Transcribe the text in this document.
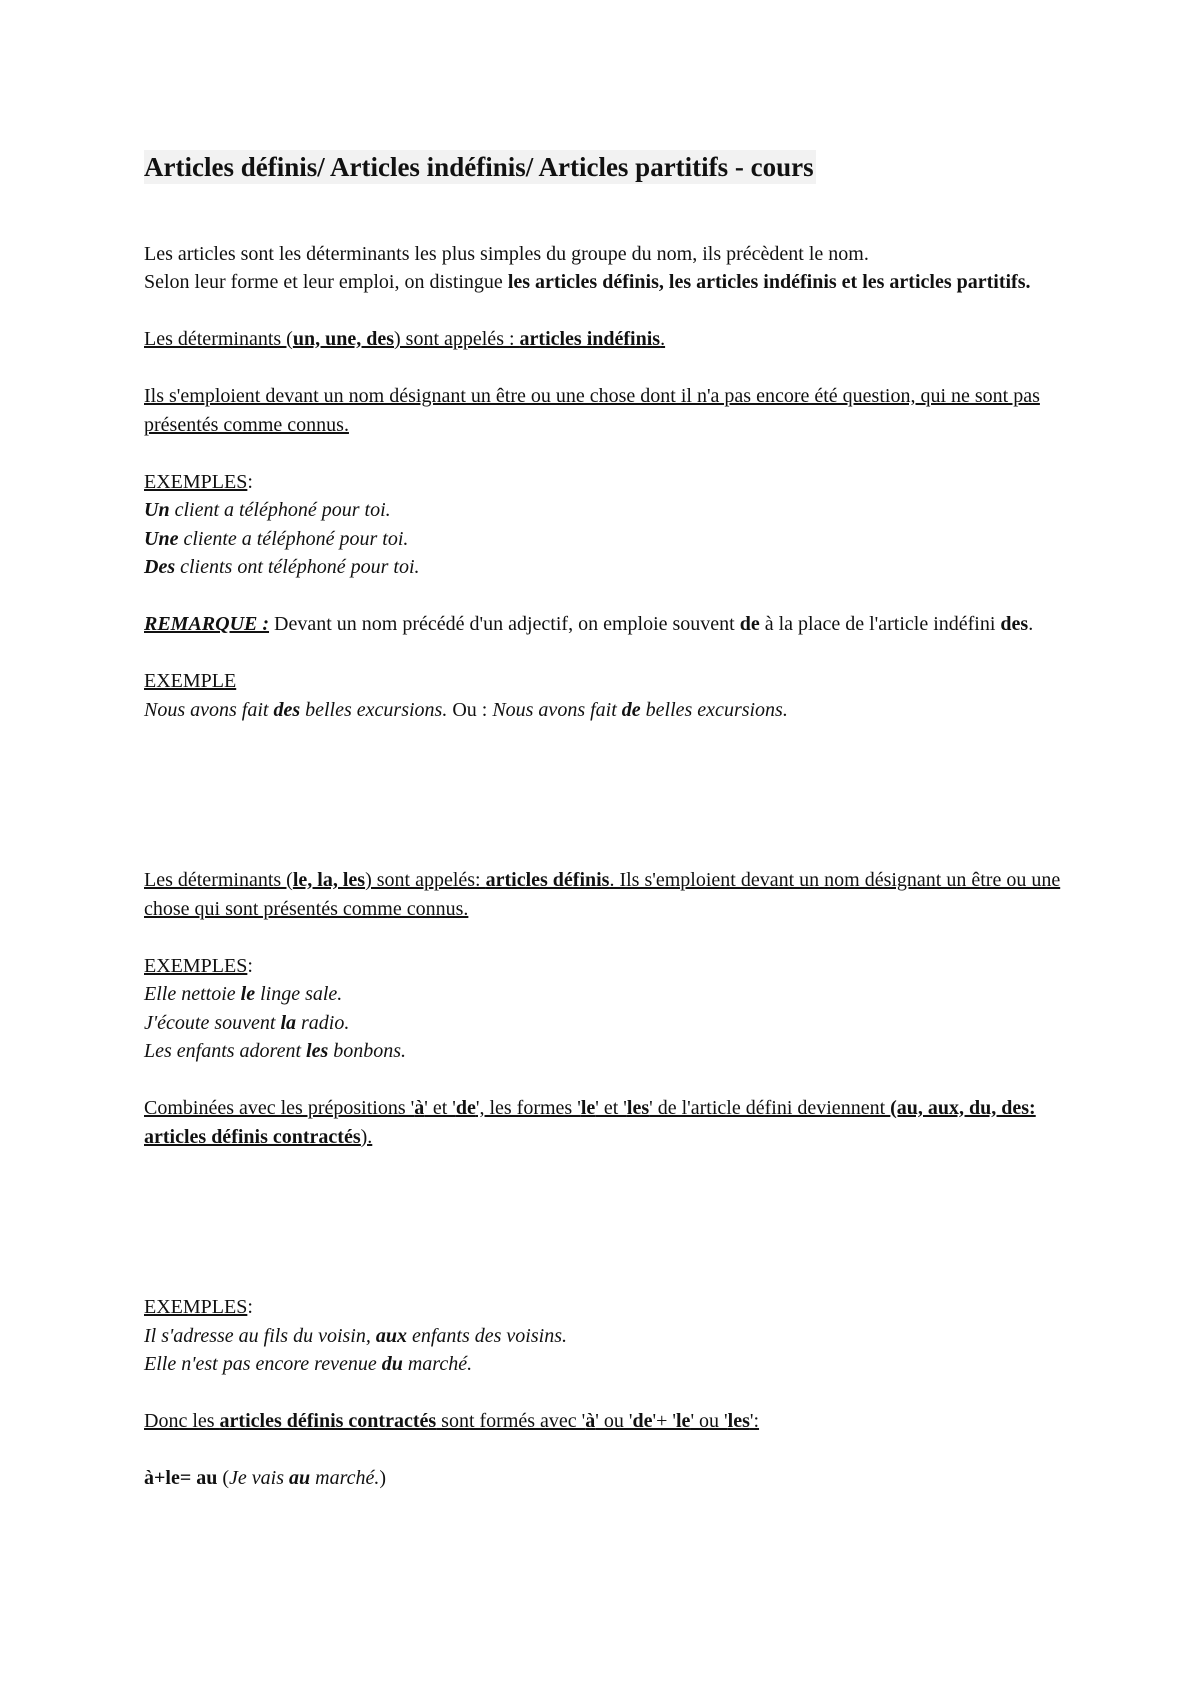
Articles définis/ Articles indéfinis/ Articles partitifs - cours

Les articles sont les déterminants les plus simples du groupe du nom, ils précèdent le nom.
Selon leur forme et leur emploi, on distingue les articles définis, les articles indéfinis et les articles partitifs.

Les déterminants (un, une, des) sont appelés : articles indéfinis.

Ils s'emploient devant un nom désignant un être ou une chose dont il n'a pas encore été question, qui ne sont pas présentés comme connus.

EXEMPLES:

Un client a téléphoné pour toi.

Une cliente a téléphoné pour toi.

Des clients ont téléphoné pour toi.

REMARQUE : Devant un nom précédé d'un adjectif, on emploie souvent de à la place de l'article indéfini des.

EXEMPLE

Nous avons fait des belles excursions. Ou : Nous avons fait de belles excursions.

Les déterminants (le, la, les) sont appelés: articles définis. Ils s'emploient devant un nom désignant un être ou une chose qui sont présentés comme connus.

EXEMPLES:

Elle nettoie le linge sale.

J'écoute souvent la radio.

Les enfants adorent les bonbons.

Combinées avec les prépositions 'à' et 'de', les formes 'le' et 'les' de l'article défini deviennent (au, aux, du, des: articles définis contractés).

EXEMPLES:

Il s'adresse au fils du voisin, aux enfants des voisins.

Elle n'est pas encore revenue du marché.

Donc les articles définis contractés sont formés avec 'à' ou 'de'+ 'le' ou 'les':

à+le= au (Je vais au marché.)
